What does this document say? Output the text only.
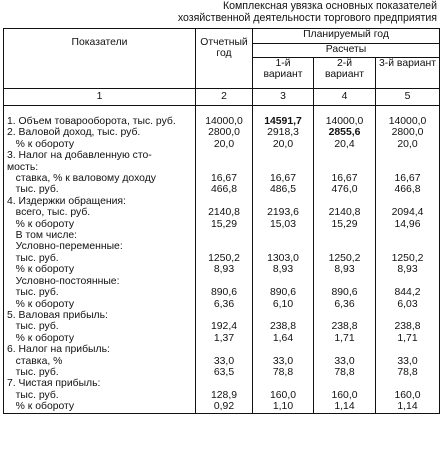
Комплексная увязка основных показателей
хозяйственной деятельности торгового предприятия
Показатели	Отчетный год	Планируемый год		
		Расчеты		
		1-й вариант	2-й вариант	3-й вариант
1	2	3	4	5

1. Объем товарооборота, тыс. руб.	14000,0	14591,7	14000,0	14000,0
2. Валовой доход, тыс. руб.	2800,0	2918,3	2855,6	2800,0
% к обороту	20,0	20,0	20,4	20,0
3. Налог на добавленную сто-				
мость:				
ставка, % к валовому доходу	16,67	16,67	16,67	16,67
тыс. руб.	466,8	486,5	476,0	466,8
4. Издержки обращения:				
всего, тыс. руб.	2140,8	2193,6	2140,8	2094,4
% к обороту	15,29	15,03	15,29	14,96
В том числе:				
Условно-переменные:				
тыс. руб.	1250,2	1303,0	1250,2	1250,2
% к обороту	8,93	8,93	8,93	8,93
Условно-постоянные:				
тыс. руб.	890,6	890,6	890,6	844,2
% к обороту	6,36	6,10	6,36	6,03
5. Валовая прибыль:				
тыс. руб.	192,4	238,8	238,8	238,8
% к обороту	1,37	1,64	1,71	1,71
6. Налог на прибыль:				
ставка, %	33,0	33,0	33,0	33,0
тыс. руб.	63,5	78,8	78,8	78,8
7. Чистая прибыль:				
тыс. руб.	128,9	160,0	160,0	160,0
% к обороту	0,92	1,10	1,14	1,14
